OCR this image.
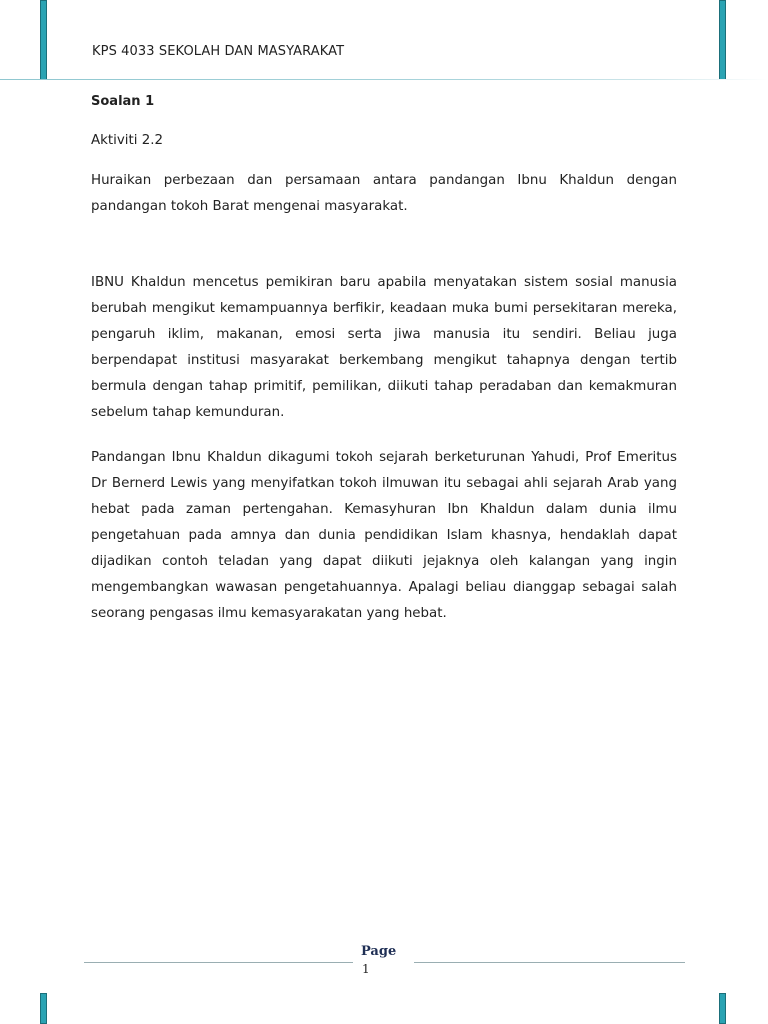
KPS 4033 SEKOLAH DAN MASYARAKAT

Soalan 1

Aktiviti 2.2

Huraikan perbezaan dan persamaan antara pandangan Ibnu Khaldun dengan pandangan tokoh Barat mengenai masyarakat.

IBNU Khaldun mencetus pemikiran baru apabila menyatakan sistem sosial manusia berubah mengikut kemampuannya berfikir, keadaan muka bumi persekitaran mereka, pengaruh iklim, makanan, emosi serta jiwa manusia itu sendiri. Beliau juga berpendapat institusi masyarakat berkembang mengikut tahapnya dengan tertib bermula dengan tahap primitif, pemilikan, diikuti tahap peradaban dan kemakmuran sebelum tahap kemunduran.

Pandangan Ibnu Khaldun dikagumi tokoh sejarah berketurunan Yahudi, Prof Emeritus Dr Bernerd Lewis yang menyifatkan tokoh ilmuwan itu sebagai ahli sejarah Arab yang hebat pada zaman pertengahan. Kemasyhuran Ibn Khaldun dalam dunia ilmu pengetahuan pada amnya dan dunia pendidikan Islam khasnya, hendaklah dapat dijadikan contoh teladan yang dapat diikuti jejaknya oleh kalangan yang ingin mengembangkan wawasan pengetahuannya. Apalagi beliau dianggap sebagai salah seorang pengasas ilmu kemasyarakatan yang hebat.

Page
1
